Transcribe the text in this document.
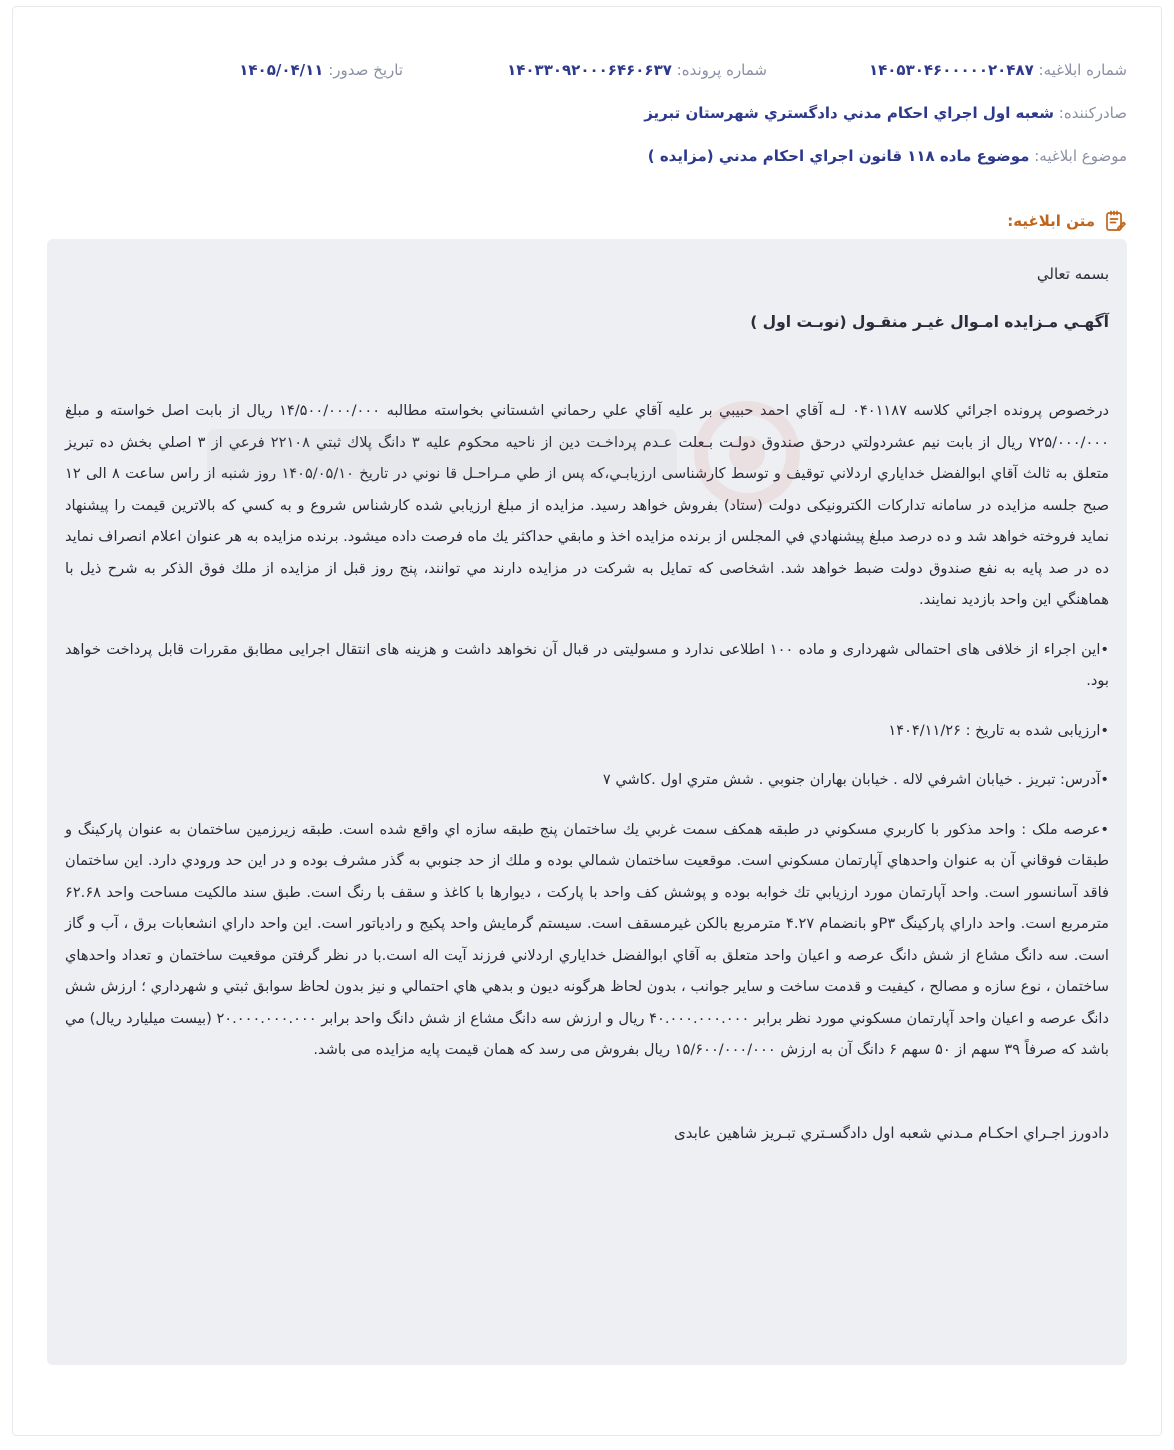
شماره ابلاغیه: ۱۴۰۵۳۰۴۶۰۰۰۰۰۲۰۴۸۷
شماره پرونده: ۱۴۰۳۳۰۹۲۰۰۰۶۴۶۰۶۳۷
تاریخ صدور: ۱۴۰۵/۰۴/۱۱
صادرکننده: شعبه اول اجراي احكام مدني دادگستري شهرستان تبريز
موضوع ابلاغیه: موضوع ماده ۱۱۸ قانون اجراي احكام مدني (مزايده )
متن ابلاغیه:

بسمه تعالي

آگهـي مـزايده امـوال غيـر منقـول (نوبـت اول )

درخصوص پرونده اجرائي كلاسه ۰۴۰۱۱۸۷ لـه آقاي احمد حبيبي بر عليه آقاي علي رحماني اشستاني بخواسته مطالبه ۱۴/۵۰۰/۰۰۰/۰۰۰ ريال از بابت اصل خواسته و مبلغ ۷۲۵/۰۰۰/۰۰۰ ريال از بابت نيم عشردولتي درحق صندوق دولـت بـعلت عـدم پرداخـت دين از ناحيه محكوم عليه ۳ دانگ پلاك ثبتي ۲۲۱۰۸ فرعي از ۳ اصلي بخش ده تبريز متعلق به ثالث آقاي ابوالفضل خداياري اردلاني توقيف و توسط كارشناسی ارزيابـي،كه پس از طي مـراحـل قا نوني در تاريخ ۱۴۰۵/۰۵/۱۰ روز شنبه از راس ساعت ۸ الی ۱۲ صبح جلسه مزايده در سامانه تدارکات الکترونيکی دولت (ستاد) بفروش خواهد رسيد. مزايده از مبلغ ارزيابي شده كارشناس شروع و به كسي كه بالاترين قيمت را پيشنهاد نمايد فروخته خواهد شد و ده درصد مبلغ پيشنهادي في المجلس از برنده مزايده اخذ و مابقي حداكثر يك ماه فرصت داده ميشود. برنده مزايده به هر عنوان اعلام انصراف نمايد ده در صد پايه به نفع صندوق دولت ضبط خواهد شد. اشخاصی كه تمايل به شركت در مزايده دارند مي توانند، پنج روز قبل از مزايده از ملك فوق الذكر به شرح ذيل با هماهنگي اين واحد بازديد نمايند.

•اين اجراء از خلافی های احتمالی شهرداری و ماده ۱۰۰ اطلاعی ندارد و مسولیتی در قبال آن نخواهد داشت و هزينه های انتقال اجرايی مطابق مقررات قابل پرداخت خواهد بود.

•ارزيابی شده به تاريخ : ۱۴۰۴/۱۱/۲۶

•آدرس: تبريز . خيابان اشرفي لاله . خيابان بهاران جنوبي . شش متري اول .كاشي ۷

•عرصه ملک : واحد مذكور با كاربري مسكوني در طبقه همكف سمت غربي يك ساختمان پنج طبقه سازه اي واقع شده است. طبقه زيرزمين ساختمان به عنوان پاركينگ و طبقات فوقاني آن به عنوان واحدهاي آپارتمان مسكوني است. موقعيت ساختمان شمالي بوده و ملك از حد جنوبي به گذر مشرف بوده و در اين حد ورودي دارد. اين ساختمان فاقد آسانسور است. واحد آپارتمان مورد ارزيابي تك خوابه بوده و پوشش كف واحد با پاركت ، ديوارها با كاغذ و سقف با رنگ است. طبق سند مالكيت مساحت واحد ۶۲.۶۸ مترمربع است. واحد داراي پاركينگ P۳و بانضمام ۴.۲۷ مترمربع بالكن غيرمسقف است. سيستم گرمايش واحد پكيج و رادياتور است. اين واحد داراي انشعابات برق ، آب و گاز است. سه دانگ مشاع از شش دانگ عرصه و اعيان واحد متعلق به آقاي ابوالفضل خداياري اردلاني فرزند آيت اله است.با در نظر گرفتن موقعيت ساختمان و تعداد واحدهاي ساختمان ، نوع سازه و مصالح ، كيفيت و قدمت ساخت و ساير جوانب ، بدون لحاظ هرگونه ديون و بدهي هاي احتمالي و نيز بدون لحاظ سوابق ثبتي و شهرداري ؛ ارزش شش دانگ عرصه و اعيان واحد آپارتمان مسكوني مورد نظر برابر ۴۰.۰۰۰.۰۰۰.۰۰۰ ريال و ارزش سه دانگ مشاع از شش دانگ واحد برابر ۲۰.۰۰۰.۰۰۰.۰۰۰ (بيست ميليارد ريال) مي باشد كه صرفاً ۳۹ سهم از ۵۰ سهم ۶ دانگ آن به ارزش ۱۵/۶۰۰/۰۰۰/۰۰۰ ريال بفروش می رسد كه همان قيمت پايه مزايده می باشد.

دادورز اجـراي احكـام مـدني شعبه اول دادگسـتري تبـريز شاهين عابدی
